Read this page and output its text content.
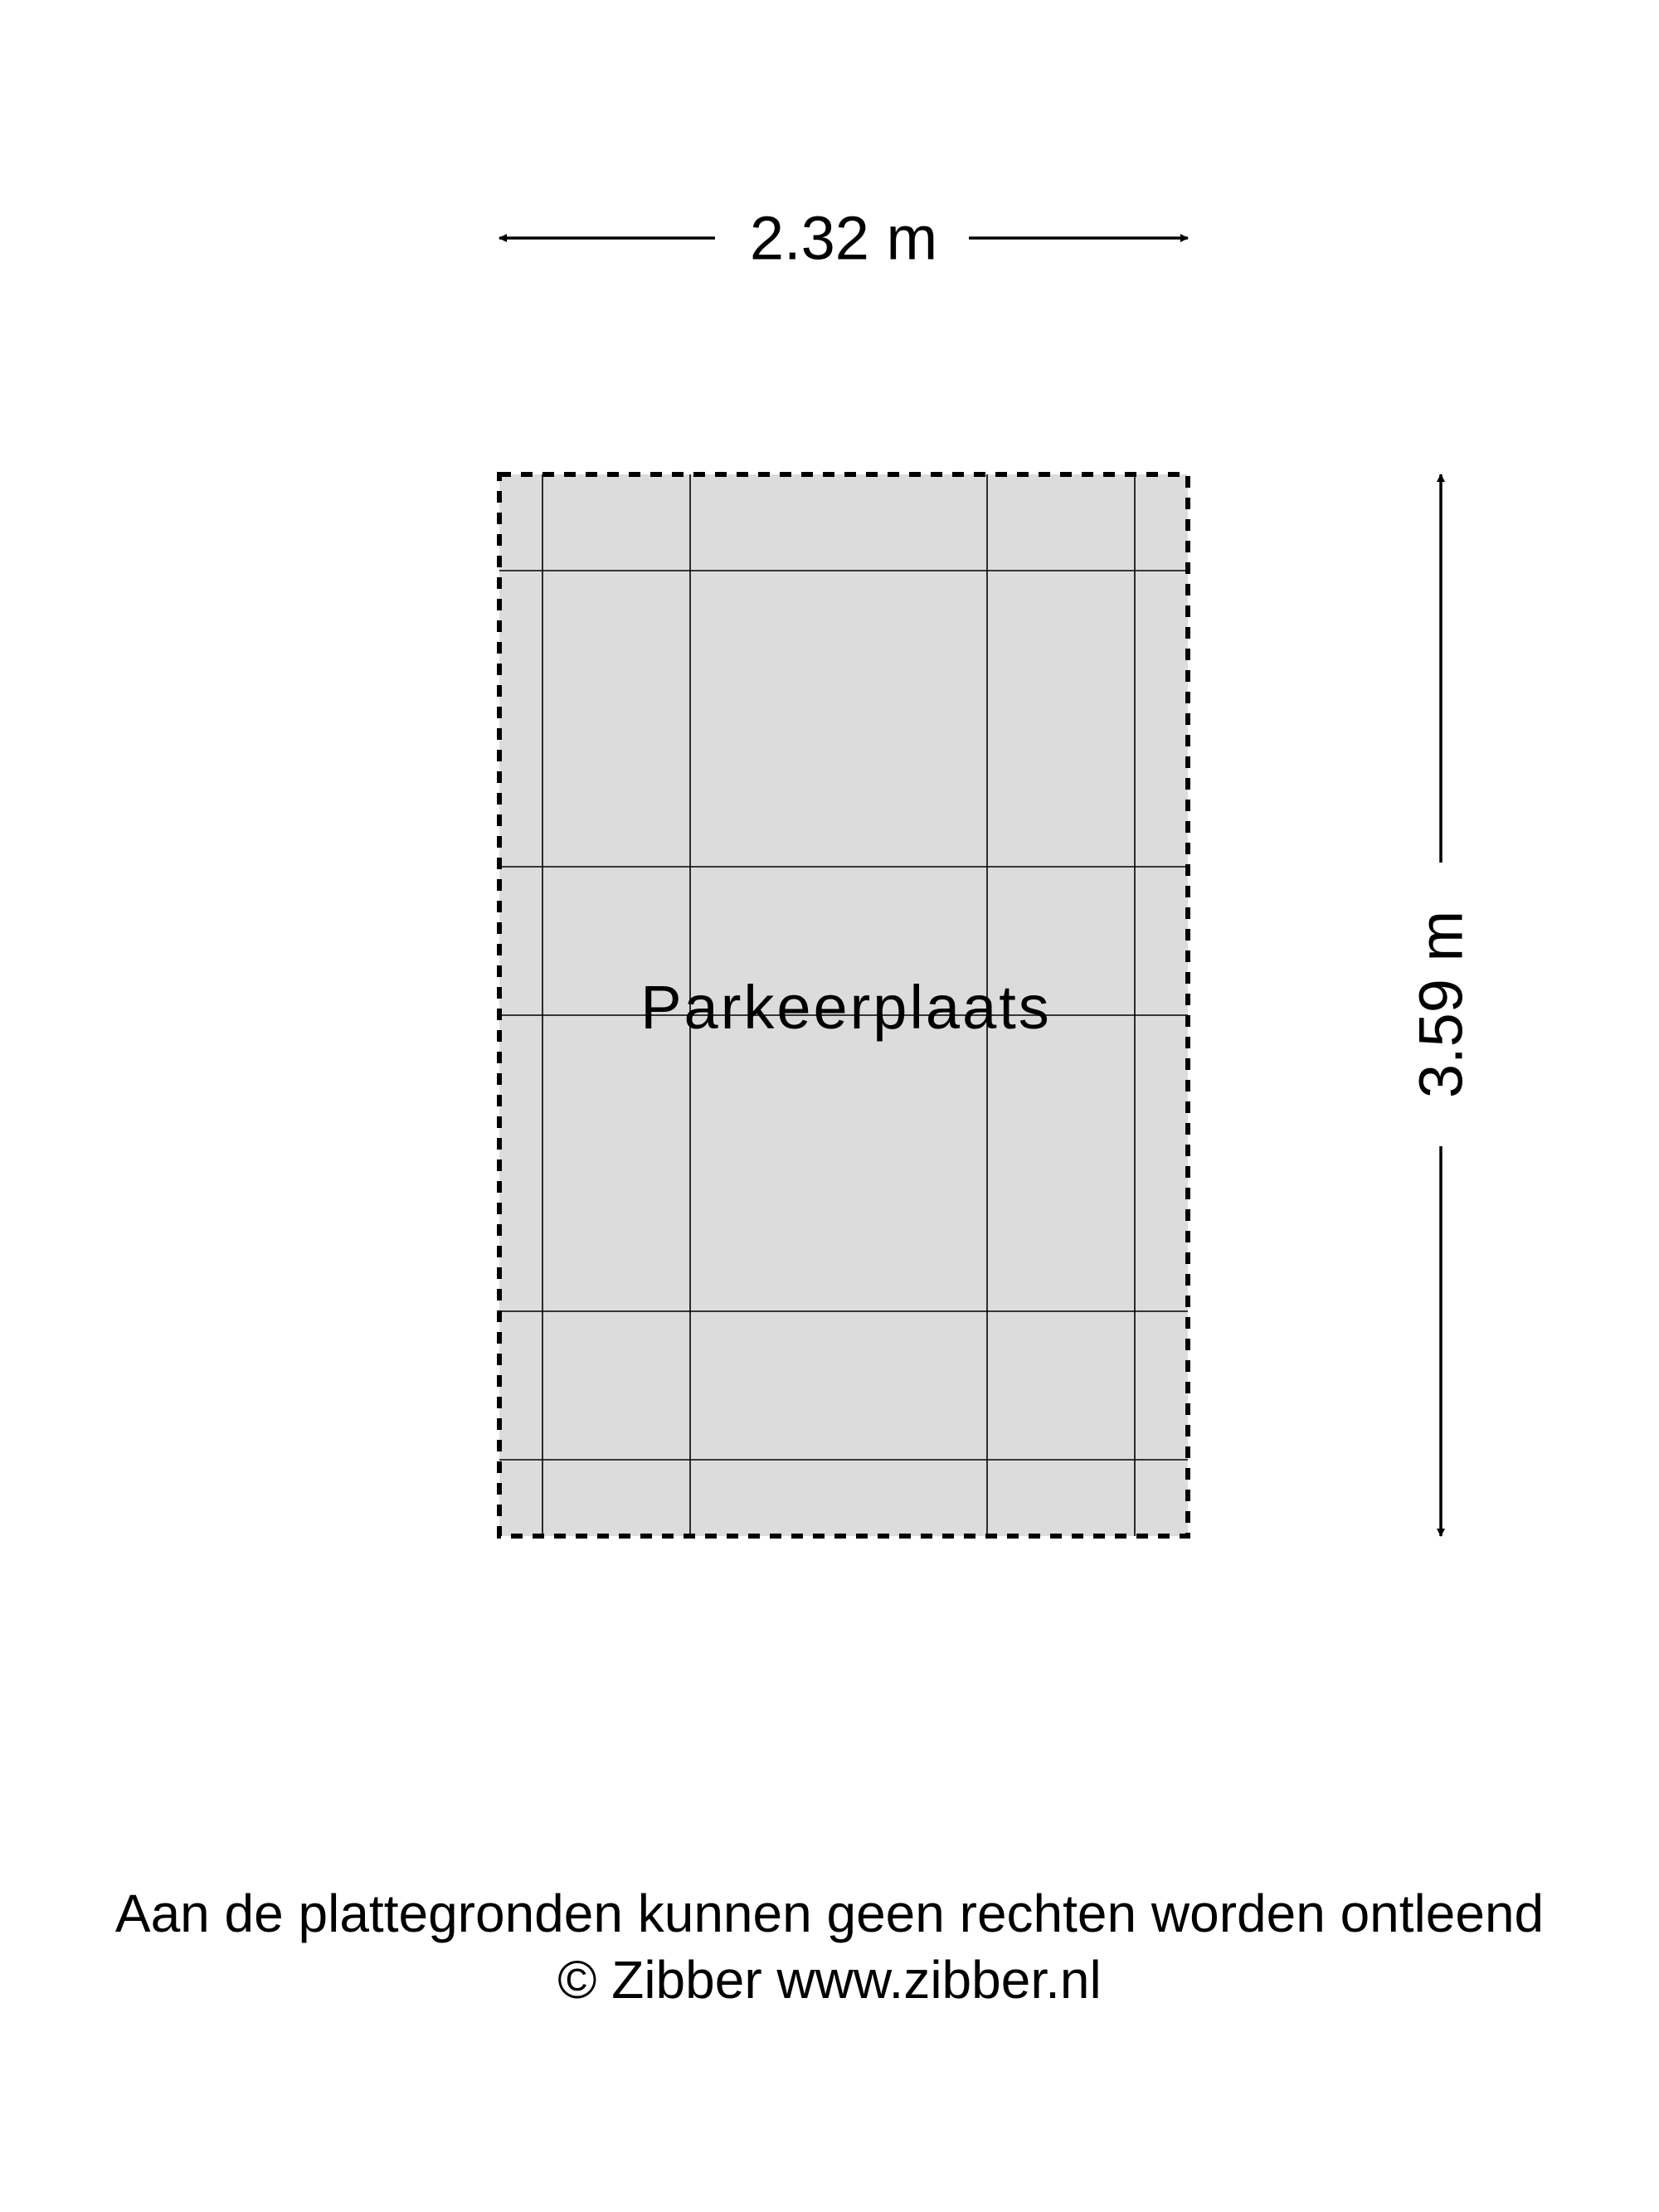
Parkeerplaats
2.32 m
3.59 m
Aan de plattegronden kunnen geen rechten worden ontleend
© Zibber www.zibber.nl
